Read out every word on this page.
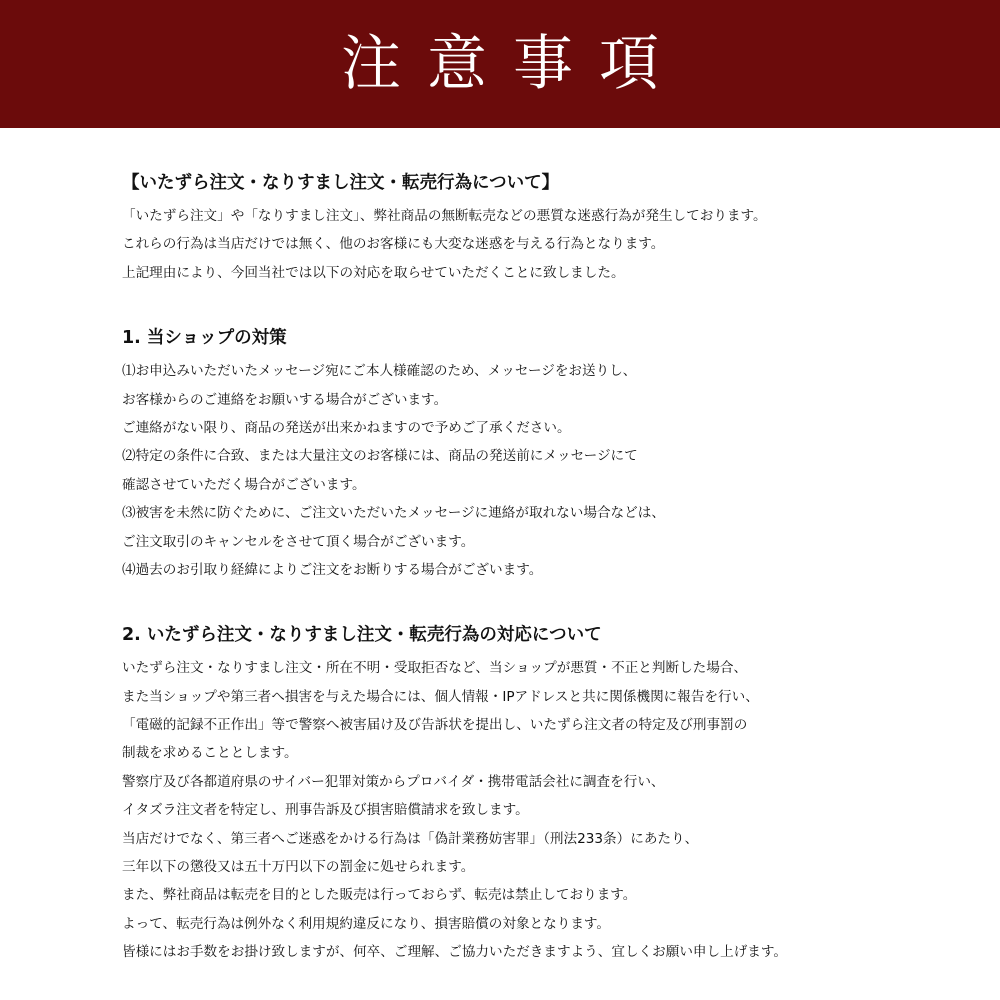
注意事項
【いたずら注文・なりすまし注文・転売行為について】
「いたずら注文」や「なりすまし注文」、弊社商品の無断転売などの悪質な迷惑行為が発生しております。
これらの行為は当店だけでは無く、他のお客様にも大変な迷惑を与える行為となります。
上記理由により、今回当社では以下の対応を取らせていただくことに致しました。
1. 当ショップの対策
⑴お申込みいただいたメッセージ宛にご本人様確認のため、メッセージをお送りし、
お客様からのご連絡をお願いする場合がございます。
ご連絡がない限り、商品の発送が出来かねますので予めご了承ください。
⑵特定の条件に合致、または大量注文のお客様には、商品の発送前にメッセージにて
確認させていただく場合がございます。
⑶被害を未然に防ぐために、ご注文いただいたメッセージに連絡が取れない場合などは、
ご注文取引のキャンセルをさせて頂く場合がございます。
⑷過去のお引取り経緯によりご注文をお断りする場合がございます。
2. いたずら注文・なりすまし注文・転売行為の対応について
いたずら注文・なりすまし注文・所在不明・受取拒否など、当ショップが悪質・不正と判断した場合、
また当ショップや第三者へ損害を与えた場合には、個人情報・IPアドレスと共に関係機関に報告を行い、
「電磁的記録不正作出」等で警察へ被害届け及び告訴状を提出し、いたずら注文者の特定及び刑事罰の
制裁を求めることとします。
警察庁及び各都道府県のサイバー犯罪対策からプロバイダ・携帯電話会社に調査を行い、
イタズラ注文者を特定し、刑事告訴及び損害賠償請求を致します。
当店だけでなく、第三者へご迷惑をかける行為は「偽計業務妨害罪」（刑法233条）にあたり、
三年以下の懲役又は五十万円以下の罰金に処せられます。
また、弊社商品は転売を目的とした販売は行っておらず、転売は禁止しております。
よって、転売行為は例外なく利用規約違反になり、損害賠償の対象となります。
皆様にはお手数をお掛け致しますが、何卒、ご理解、ご協力いただきますよう、宜しくお願い申し上げます。
